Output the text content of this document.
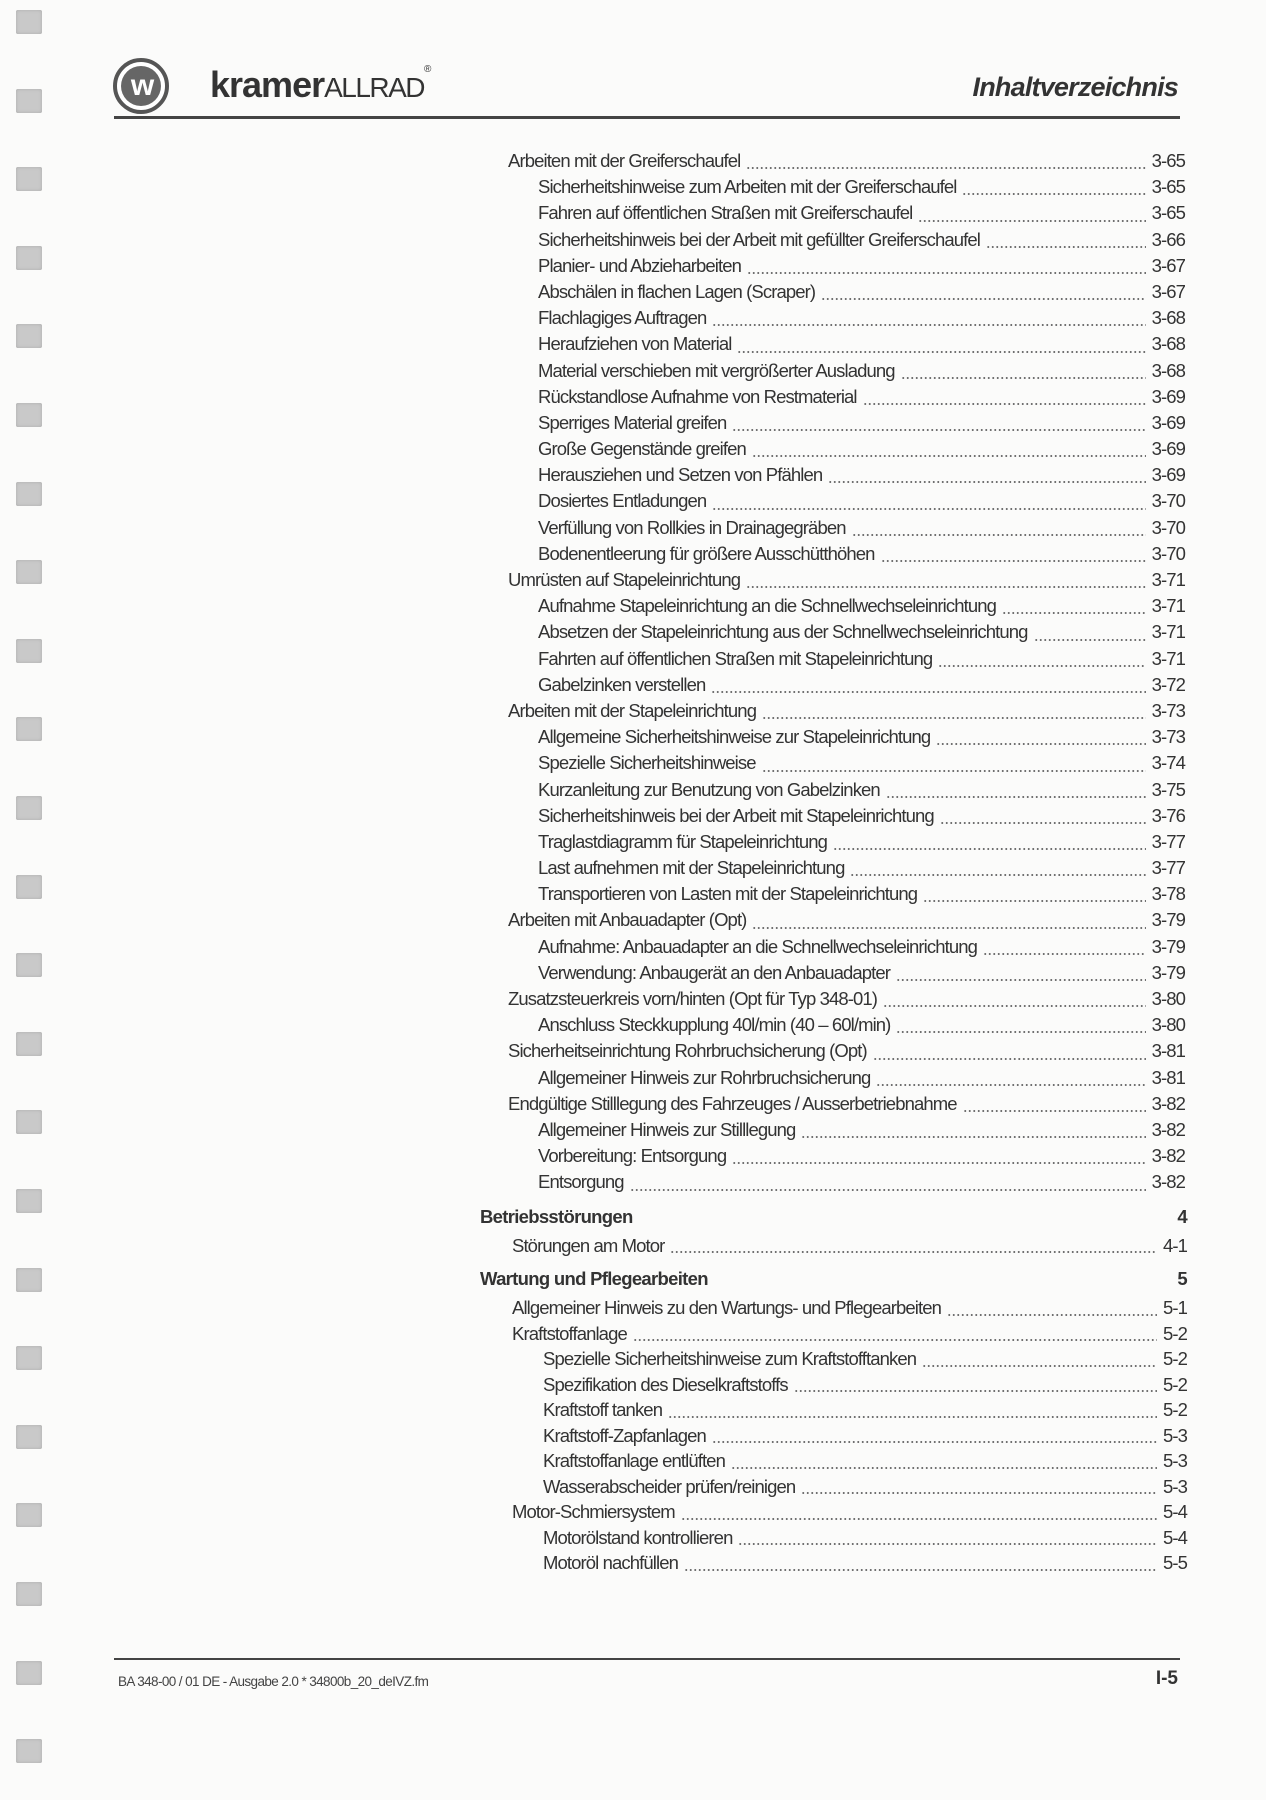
w kramerALLRAD®
Inhaltverzeichnis
Arbeiten mit der Greiferschaufel	3-65
Sicherheitshinweise zum Arbeiten mit der Greiferschaufel	3-65
Fahren auf öffentlichen Straßen mit Greiferschaufel	3-65
Sicherheitshinweis bei der Arbeit mit gefüllter Greiferschaufel	3-66
Planier- und Abzieharbeiten	3-67
Abschälen in flachen Lagen (Scraper)	3-67
Flachlagiges Auftragen	3-68
Heraufziehen von Material	3-68
Material verschieben mit vergrößerter Ausladung	3-68
Rückstandlose Aufnahme von Restmaterial	3-69
Sperriges Material greifen	3-69
Große Gegenstände greifen	3-69
Herausziehen und Setzen von Pfählen	3-69
Dosiertes Entladungen	3-70
Verfüllung von Rollkies in Drainagegräben	3-70
Bodenentleerung für größere Ausschütthöhen	3-70
Umrüsten auf Stapeleinrichtung	3-71
Aufnahme Stapeleinrichtung an die Schnellwechseleinrichtung	3-71
Absetzen der Stapeleinrichtung aus der Schnellwechseleinrichtung	3-71
Fahrten auf öffentlichen Straßen mit Stapeleinrichtung	3-71
Gabelzinken verstellen	3-72
Arbeiten mit der Stapeleinrichtung	3-73
Allgemeine Sicherheitshinweise zur Stapeleinrichtung	3-73
Spezielle Sicherheitshinweise	3-74
Kurzanleitung zur Benutzung von Gabelzinken	3-75
Sicherheitshinweis bei der Arbeit mit Stapeleinrichtung	3-76
Traglastdiagramm für Stapeleinrichtung	3-77
Last aufnehmen mit der Stapeleinrichtung	3-77
Transportieren von Lasten mit der Stapeleinrichtung	3-78
Arbeiten mit Anbauadapter (Opt)	3-79
Aufnahme: Anbauadapter an die Schnellwechseleinrichtung	3-79
Verwendung: Anbaugerät an den Anbauadapter	3-79
Zusatzsteuerkreis vorn/hinten (Opt für Typ 348-01)	3-80
Anschluss Steckkupplung 40l/min (40 – 60l/min)	3-80
Sicherheitseinrichtung Rohrbruchsicherung (Opt)	3-81
Allgemeiner Hinweis zur Rohrbruchsicherung	3-81
Endgültige Stilllegung des Fahrzeuges / Ausserbetriebnahme	3-82
Allgemeiner Hinweis zur Stilllegung	3-82
Vorbereitung: Entsorgung	3-82
Entsorgung	3-82
Betriebsstörungen	4
Störungen am Motor	4-1
Wartung und Pflegearbeiten	5
Allgemeiner Hinweis zu den Wartungs- und Pflegearbeiten	5-1
Kraftstoffanlage	5-2
Spezielle Sicherheitshinweise zum Kraftstofftanken	5-2
Spezifikation des Dieselkraftstoffs	5-2
Kraftstoff tanken	5-2
Kraftstoff-Zapfanlagen	5-3
Kraftstoffanlage entlüften	5-3
Wasserabscheider prüfen/reinigen	5-3
Motor-Schmiersystem	5-4
Motorölstand kontrollieren	5-4
Motoröl nachfüllen	5-5
BA 348-00 / 01 DE - Ausgabe 2.0 * 34800b_20_deIVZ.fm	I-5
